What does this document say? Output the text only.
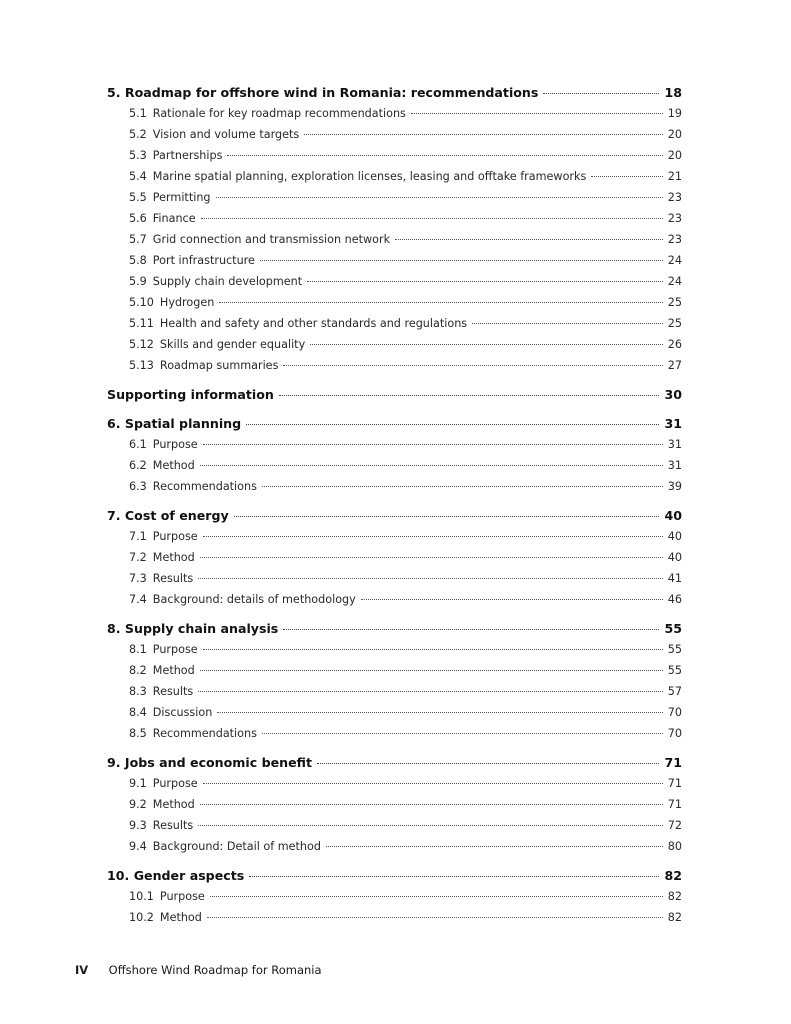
5. Roadmap for offshore wind in Romania: recommendations	18
5.1 Rationale for key roadmap recommendations	19
5.2 Vision and volume targets	20
5.3 Partnerships	20
5.4 Marine spatial planning, exploration licenses, leasing and offtake frameworks	21
5.5 Permitting	23
5.6 Finance	23
5.7 Grid connection and transmission network	23
5.8 Port infrastructure	24
5.9 Supply chain development	24
5.10 Hydrogen	25
5.11 Health and safety and other standards and regulations	25
5.12 Skills and gender equality	26
5.13 Roadmap summaries	27
Supporting information	30
6. Spatial planning	31
6.1 Purpose	31
6.2 Method	31
6.3 Recommendations	39
7. Cost of energy	40
7.1 Purpose	40
7.2 Method	40
7.3 Results	41
7.4 Background: details of methodology	46
8. Supply chain analysis	55
8.1 Purpose	55
8.2 Method	55
8.3 Results	57
8.4 Discussion	70
8.5 Recommendations	70
9. Jobs and economic benefit	71
9.1 Purpose	71
9.2 Method	71
9.3 Results	72
9.4 Background: Detail of method	80
10. Gender aspects	82
10.1 Purpose	82
10.2 Method	82
IV Offshore Wind Roadmap for Romania
